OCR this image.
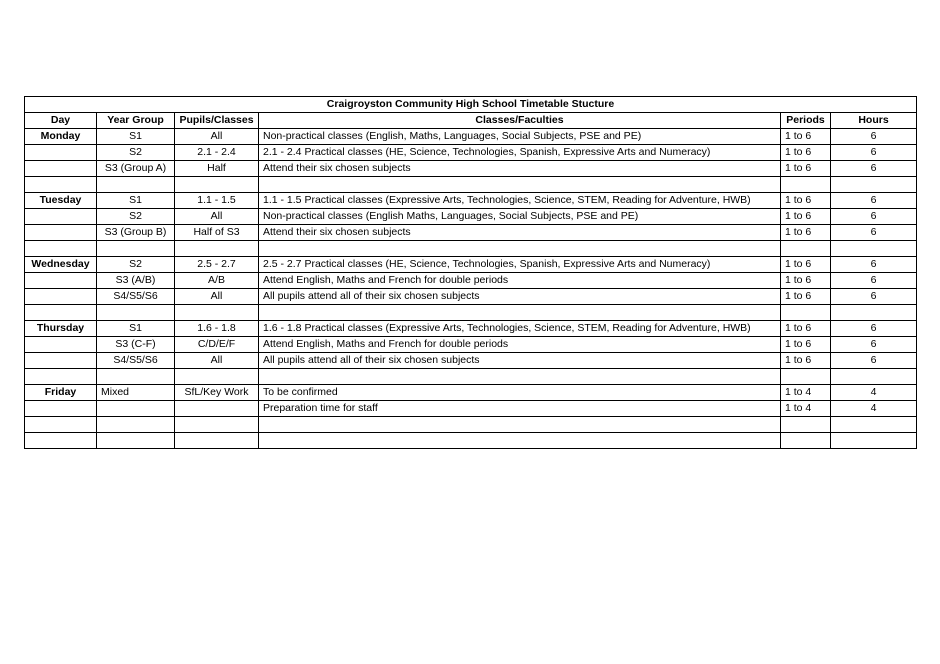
Craigroyston Community High School Timetable Stucture					
Day	Year Group	Pupils/Classes	Classes/Faculties	Periods	Hours
Monday	S1	All	Non-practical classes (English, Maths, Languages, Social Subjects, PSE and PE)	1 to 6	6
	S2	2.1 - 2.4	2.1 - 2.4 Practical classes (HE, Science, Technologies, Spanish, Expressive Arts and Numeracy)	1 to 6	6
	S3 (Group A)	Half	Attend their six chosen subjects	1 to 6	6

Tuesday	S1	1.1 - 1.5	1.1 - 1.5 Practical classes (Expressive Arts, Technologies, Science, STEM, Reading for Adventure, HWB)	1 to 6	6
	S2	All	Non-practical classes (English Maths, Languages, Social Subjects, PSE and PE)	1 to 6	6
	S3 (Group B)	Half of S3	Attend their six chosen subjects	1 to 6	6

Wednesday	S2	2.5 - 2.7	2.5 - 2.7 Practical classes (HE, Science, Technologies, Spanish, Expressive Arts and Numeracy)	1 to 6	6
	S3 (A/B)	A/B	Attend English, Maths and French for double periods	1 to 6	6
	S4/S5/S6	All	All pupils attend all of their six chosen subjects	1 to 6	6

Thursday	S1	1.6 - 1.8	1.6 - 1.8 Practical classes (Expressive Arts, Technologies, Science, STEM, Reading for Adventure, HWB)	1 to 6	6
	S3 (C-F)	C/D/E/F	Attend English, Maths and French for double periods	1 to 6	6
	S4/S5/S6	All	All pupils attend all of their six chosen subjects	1 to 6	6

Friday	Mixed	SfL/Key Work	To be confirmed	1 to 4	4
			Preparation time for staff	1 to 4	4
